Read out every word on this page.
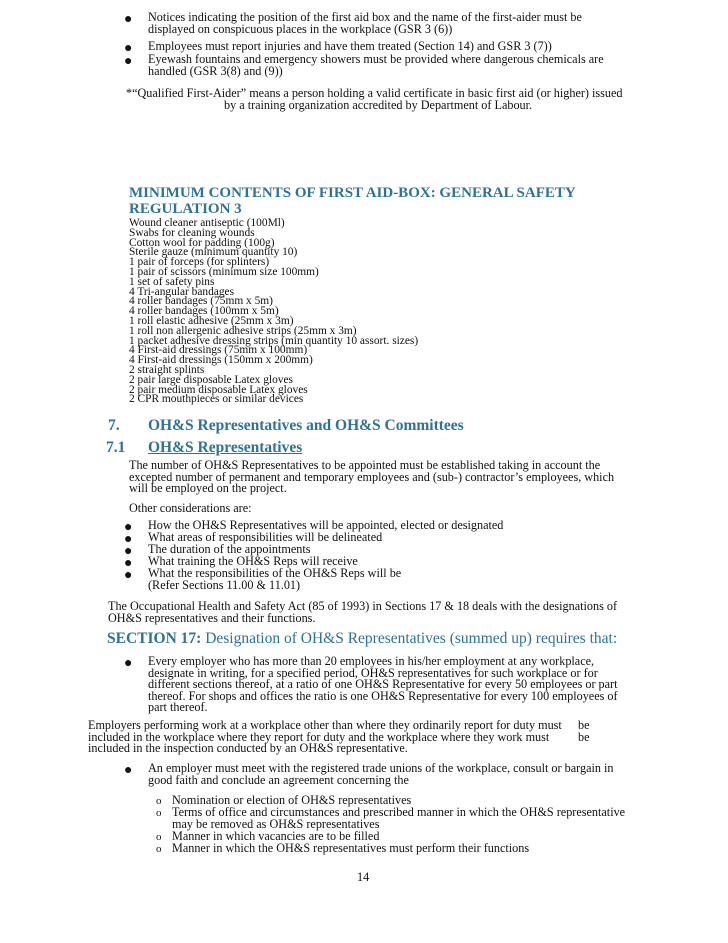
● Notices indicating the position of the first aid box and the name of the first-aider must be
displayed on conspicuous places in the workplace (GSR 3 (6))
● Employees must report injuries and have them treated (Section 14) and GSR 3 (7))
● Eyewash fountains and emergency showers must be provided where dangerous chemicals are
handled (GSR 3(8) and (9))
*“Qualified First-Aider” means a person holding a valid certificate in basic first aid (or higher) issued
by a training organization accredited by Department of Labour.
MINIMUM CONTENTS OF FIRST AID-BOX: GENERAL SAFETY
REGULATION 3
Wound cleaner antiseptic (100Ml)
Swabs for cleaning wounds
Cotton wool for padding (100g)
Sterile gauze (minimum quantity 10)
1 pair of forceps (for splinters)
1 pair of scissors (minimum size 100mm)
1 set of safety pins
4 Tri-angular bandages
4 roller bandages (75mm x 5m)
4 roller bandages (100mm x 5m)
1 roll elastic adhesive (25mm x 3m)
1 roll non allergenic adhesive strips (25mm x 3m)
1 packet adhesive dressing strips (min quantity 10 assort. sizes)
4 First-aid dressings (75mm x 100mm)
4 First-aid dressings (150mm x 200mm)
2 straight splints
2 pair large disposable Latex gloves
2 pair medium disposable Latex gloves
2 CPR mouthpieces or similar devices
7. OH&S Representatives and OH&S Committees
7.1 OH&S Representatives
The number of OH&S Representatives to be appointed must be established taking in account the
excepted number of permanent and temporary employees and (sub-) contractor’s employees, which
will be employed on the project.
Other considerations are:
● How the OH&S Representatives will be appointed, elected or designated
● What areas of responsibilities will be delineated
● The duration of the appointments
● What training the OH&S Reps will receive
● What the responsibilities of the OH&S Reps will be
(Refer Sections 11.00 & 11.01)
The Occupational Health and Safety Act (85 of 1993) in Sections 17 & 18 deals with the designations of
OH&S representatives and their functions.
SECTION 17: Designation of OH&S Representatives (summed up) requires that:
● Every employer who has more than 20 employees in his/her employment at any workplace,
designate in writing, for a specified period, OH&S representatives for such workplace or for
different sections thereof, at a ratio of one OH&S Representative for every 50 employees or part
thereof. For shops and offices the ratio is one OH&S Representative for every 100 employees of
part thereof.
Employers performing work at a workplace other than where they ordinarily report for duty must be
included in the workplace where they report for duty and the workplace where they work must be
included in the inspection conducted by an OH&S representative.
● An employer must meet with the registered trade unions of the workplace, consult or bargain in
good faith and conclude an agreement concerning the
o Nomination or election of OH&S representatives
o Terms of office and circumstances and prescribed manner in which the OH&S representative
may be removed as OH&S representatives
o Manner in which vacancies are to be filled
o Manner in which the OH&S representatives must perform their functions
14
